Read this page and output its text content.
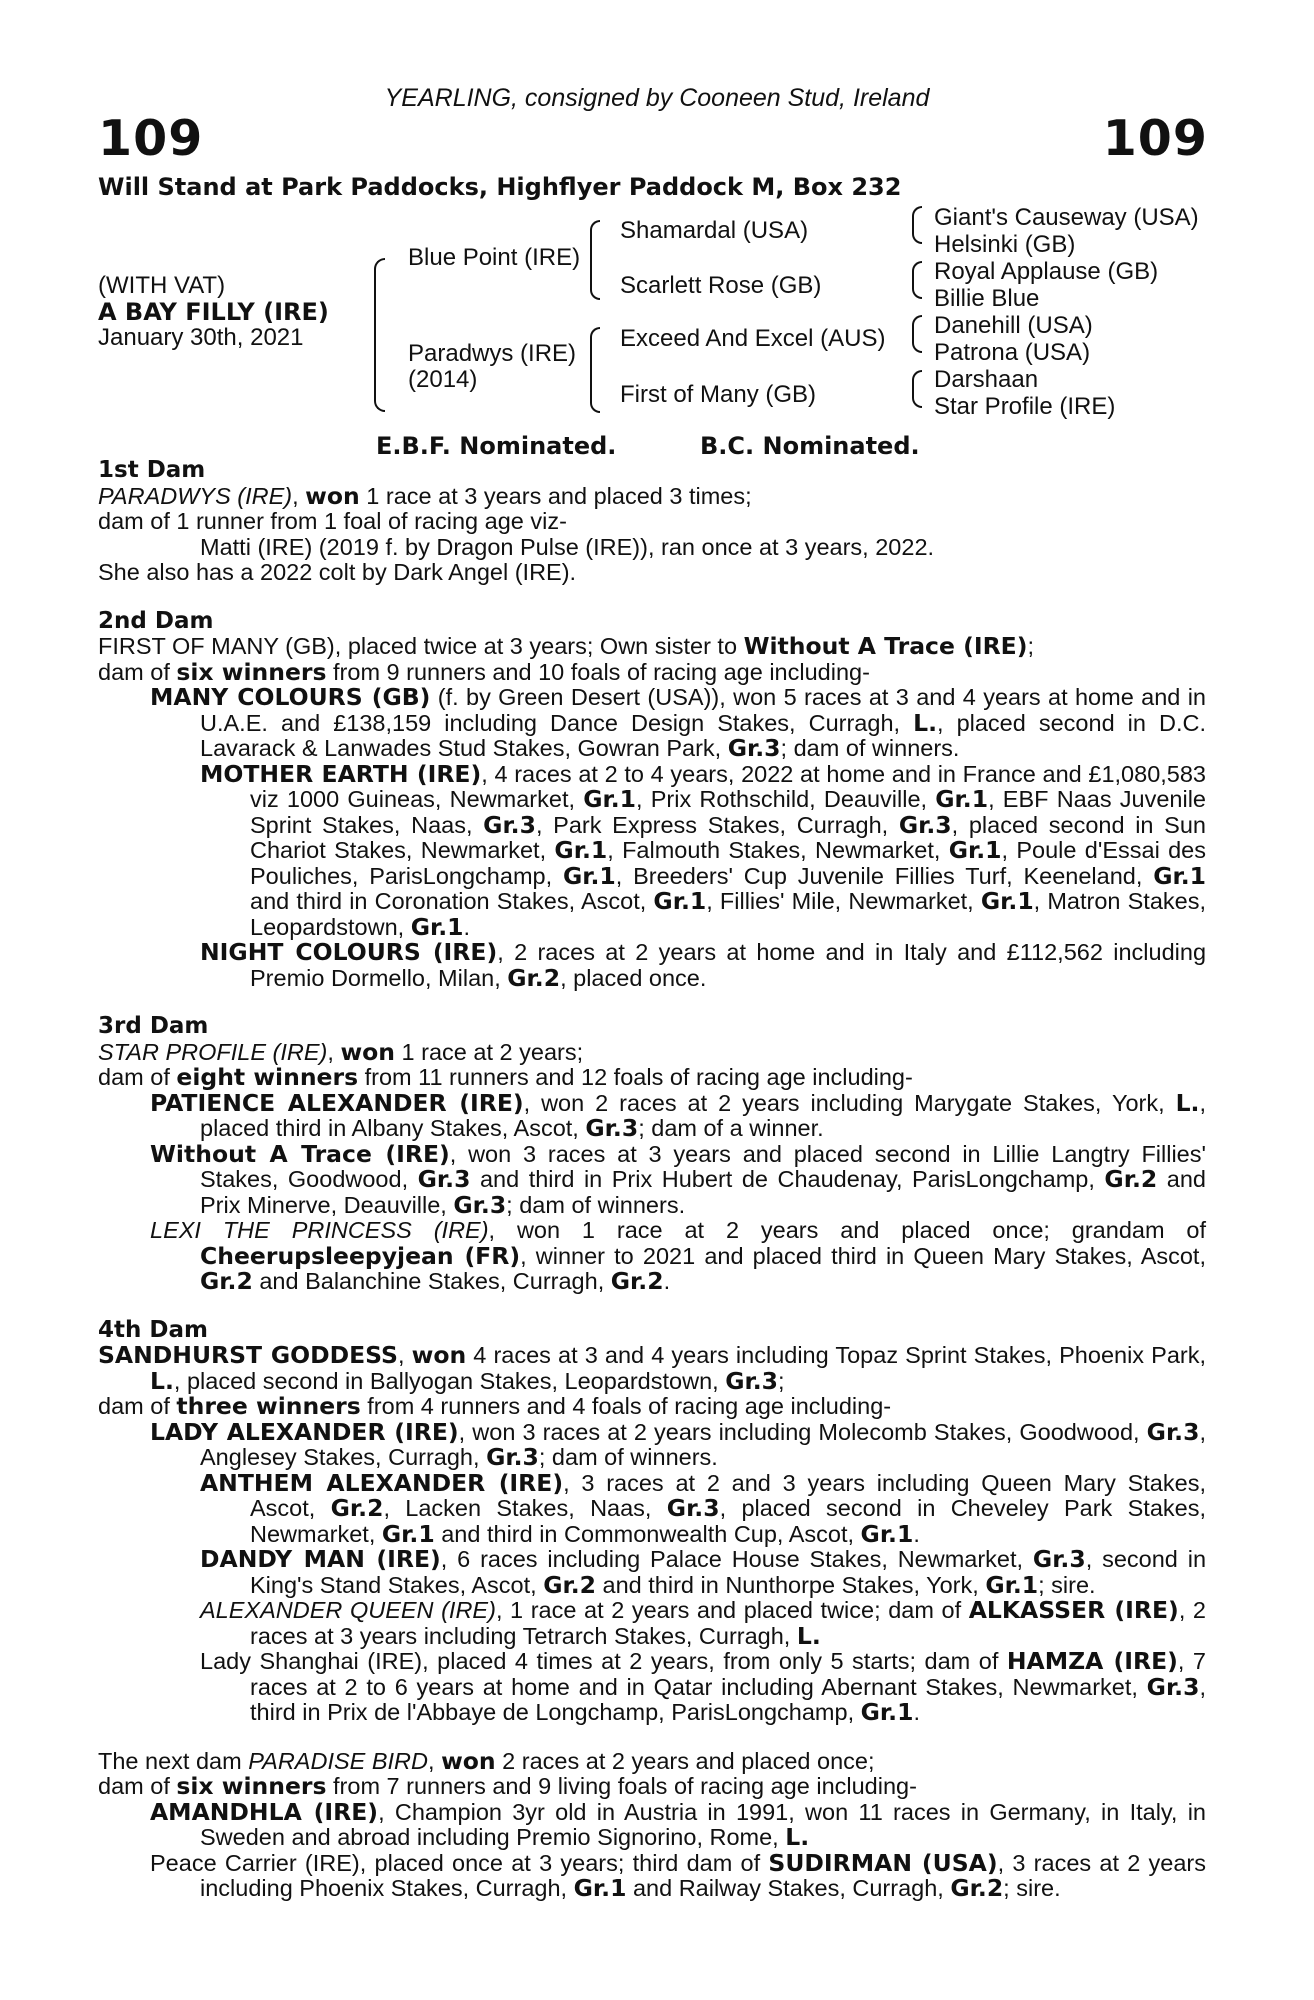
YEARLING, consigned by Cooneen Stud, Ireland
109	109
Will Stand at Park Paddocks, Highflyer Paddock M, Box 232
(WITH VAT)
A BAY FILLY (IRE)
January 30th, 2021
Blue Point (IRE)
Paradwys (IRE)
(2014)
Shamardal (USA)
Scarlett Rose (GB)
Exceed And Excel (AUS)
First of Many (GB)
Giant's Causeway (USA)
Helsinki (GB)
Royal Applause (GB)
Billie Blue
Danehill (USA)
Patrona (USA)
Darshaan
Star Profile (IRE)
E.B.F. Nominated.	B.C. Nominated.

1st Dam

PARADWYS (IRE), won 1 race at 3 years and placed 3 times;

dam of 1 runner from 1 foal of racing age viz-

Matti (IRE) (2019 f. by Dragon Pulse (IRE)), ran once at 3 years, 2022.

She also has a 2022 colt by Dark Angel (IRE).

2nd Dam

FIRST OF MANY (GB), placed twice at 3 years; Own sister to Without A Trace (IRE);

dam of six winners from 9 runners and 10 foals of racing age including-

MANY COLOURS (GB) (f. by Green Desert (USA)), won 5 races at 3 and 4 years at home and in U.A.E. and £138,159 including Dance Design Stakes, Curragh, L., placed second in D.C. Lavarack & Lanwades Stud Stakes, Gowran Park, Gr.3; dam of winners.

MOTHER EARTH (IRE), 4 races at 2 to 4 years, 2022 at home and in France and £1,080,583 viz 1000 Guineas, Newmarket, Gr.1, Prix Rothschild, Deauville, Gr.1, EBF Naas Juvenile Sprint Stakes, Naas, Gr.3, Park Express Stakes, Curragh, Gr.3, placed second in Sun Chariot Stakes, Newmarket, Gr.1, Falmouth Stakes, Newmarket, Gr.1, Poule d'Essai des Pouliches, ParisLongchamp, Gr.1, Breeders' Cup Juvenile Fillies Turf, Keeneland, Gr.1 and third in Coronation Stakes, Ascot, Gr.1, Fillies' Mile, Newmarket, Gr.1, Matron Stakes, Leopardstown, Gr.1.

NIGHT COLOURS (IRE), 2 races at 2 years at home and in Italy and £112,562 including Premio Dormello, Milan, Gr.2, placed once.

3rd Dam

STAR PROFILE (IRE), won 1 race at 2 years;

dam of eight winners from 11 runners and 12 foals of racing age including-

PATIENCE ALEXANDER (IRE), won 2 races at 2 years including Marygate Stakes, York, L., placed third in Albany Stakes, Ascot, Gr.3; dam of a winner.

Without A Trace (IRE), won 3 races at 3 years and placed second in Lillie Langtry Fillies' Stakes, Goodwood, Gr.3 and third in Prix Hubert de Chaudenay, ParisLongchamp, Gr.2 and Prix Minerve, Deauville, Gr.3; dam of winners.

LEXI THE PRINCESS (IRE), won 1 race at 2 years and placed once; grandam of Cheerupsleepyjean (FR), winner to 2021 and placed third in Queen Mary Stakes, Ascot, Gr.2 and Balanchine Stakes, Curragh, Gr.2.

4th Dam

SANDHURST GODDESS, won 4 races at 3 and 4 years including Topaz Sprint Stakes, Phoenix Park, L., placed second in Ballyogan Stakes, Leopardstown, Gr.3;

dam of three winners from 4 runners and 4 foals of racing age including-

LADY ALEXANDER (IRE), won 3 races at 2 years including Molecomb Stakes, Goodwood, Gr.3, Anglesey Stakes, Curragh, Gr.3; dam of winners.

ANTHEM ALEXANDER (IRE), 3 races at 2 and 3 years including Queen Mary Stakes, Ascot, Gr.2, Lacken Stakes, Naas, Gr.3, placed second in Cheveley Park Stakes, Newmarket, Gr.1 and third in Commonwealth Cup, Ascot, Gr.1.

DANDY MAN (IRE), 6 races including Palace House Stakes, Newmarket, Gr.3, second in King's Stand Stakes, Ascot, Gr.2 and third in Nunthorpe Stakes, York, Gr.1; sire.

ALEXANDER QUEEN (IRE), 1 race at 2 years and placed twice; dam of ALKASSER (IRE), 2 races at 3 years including Tetrarch Stakes, Curragh, L.

Lady Shanghai (IRE), placed 4 times at 2 years, from only 5 starts; dam of HAMZA (IRE), 7 races at 2 to 6 years at home and in Qatar including Abernant Stakes, Newmarket, Gr.3, third in Prix de l'Abbaye de Longchamp, ParisLongchamp, Gr.1.

The next dam PARADISE BIRD, won 2 races at 2 years and placed once;

dam of six winners from 7 runners and 9 living foals of racing age including-

AMANDHLA (IRE), Champion 3yr old in Austria in 1991, won 11 races in Germany, in Italy, in Sweden and abroad including Premio Signorino, Rome, L.

Peace Carrier (IRE), placed once at 3 years; third dam of SUDIRMAN (USA), 3 races at 2 years including Phoenix Stakes, Curragh, Gr.1 and Railway Stakes, Curragh, Gr.2; sire.
